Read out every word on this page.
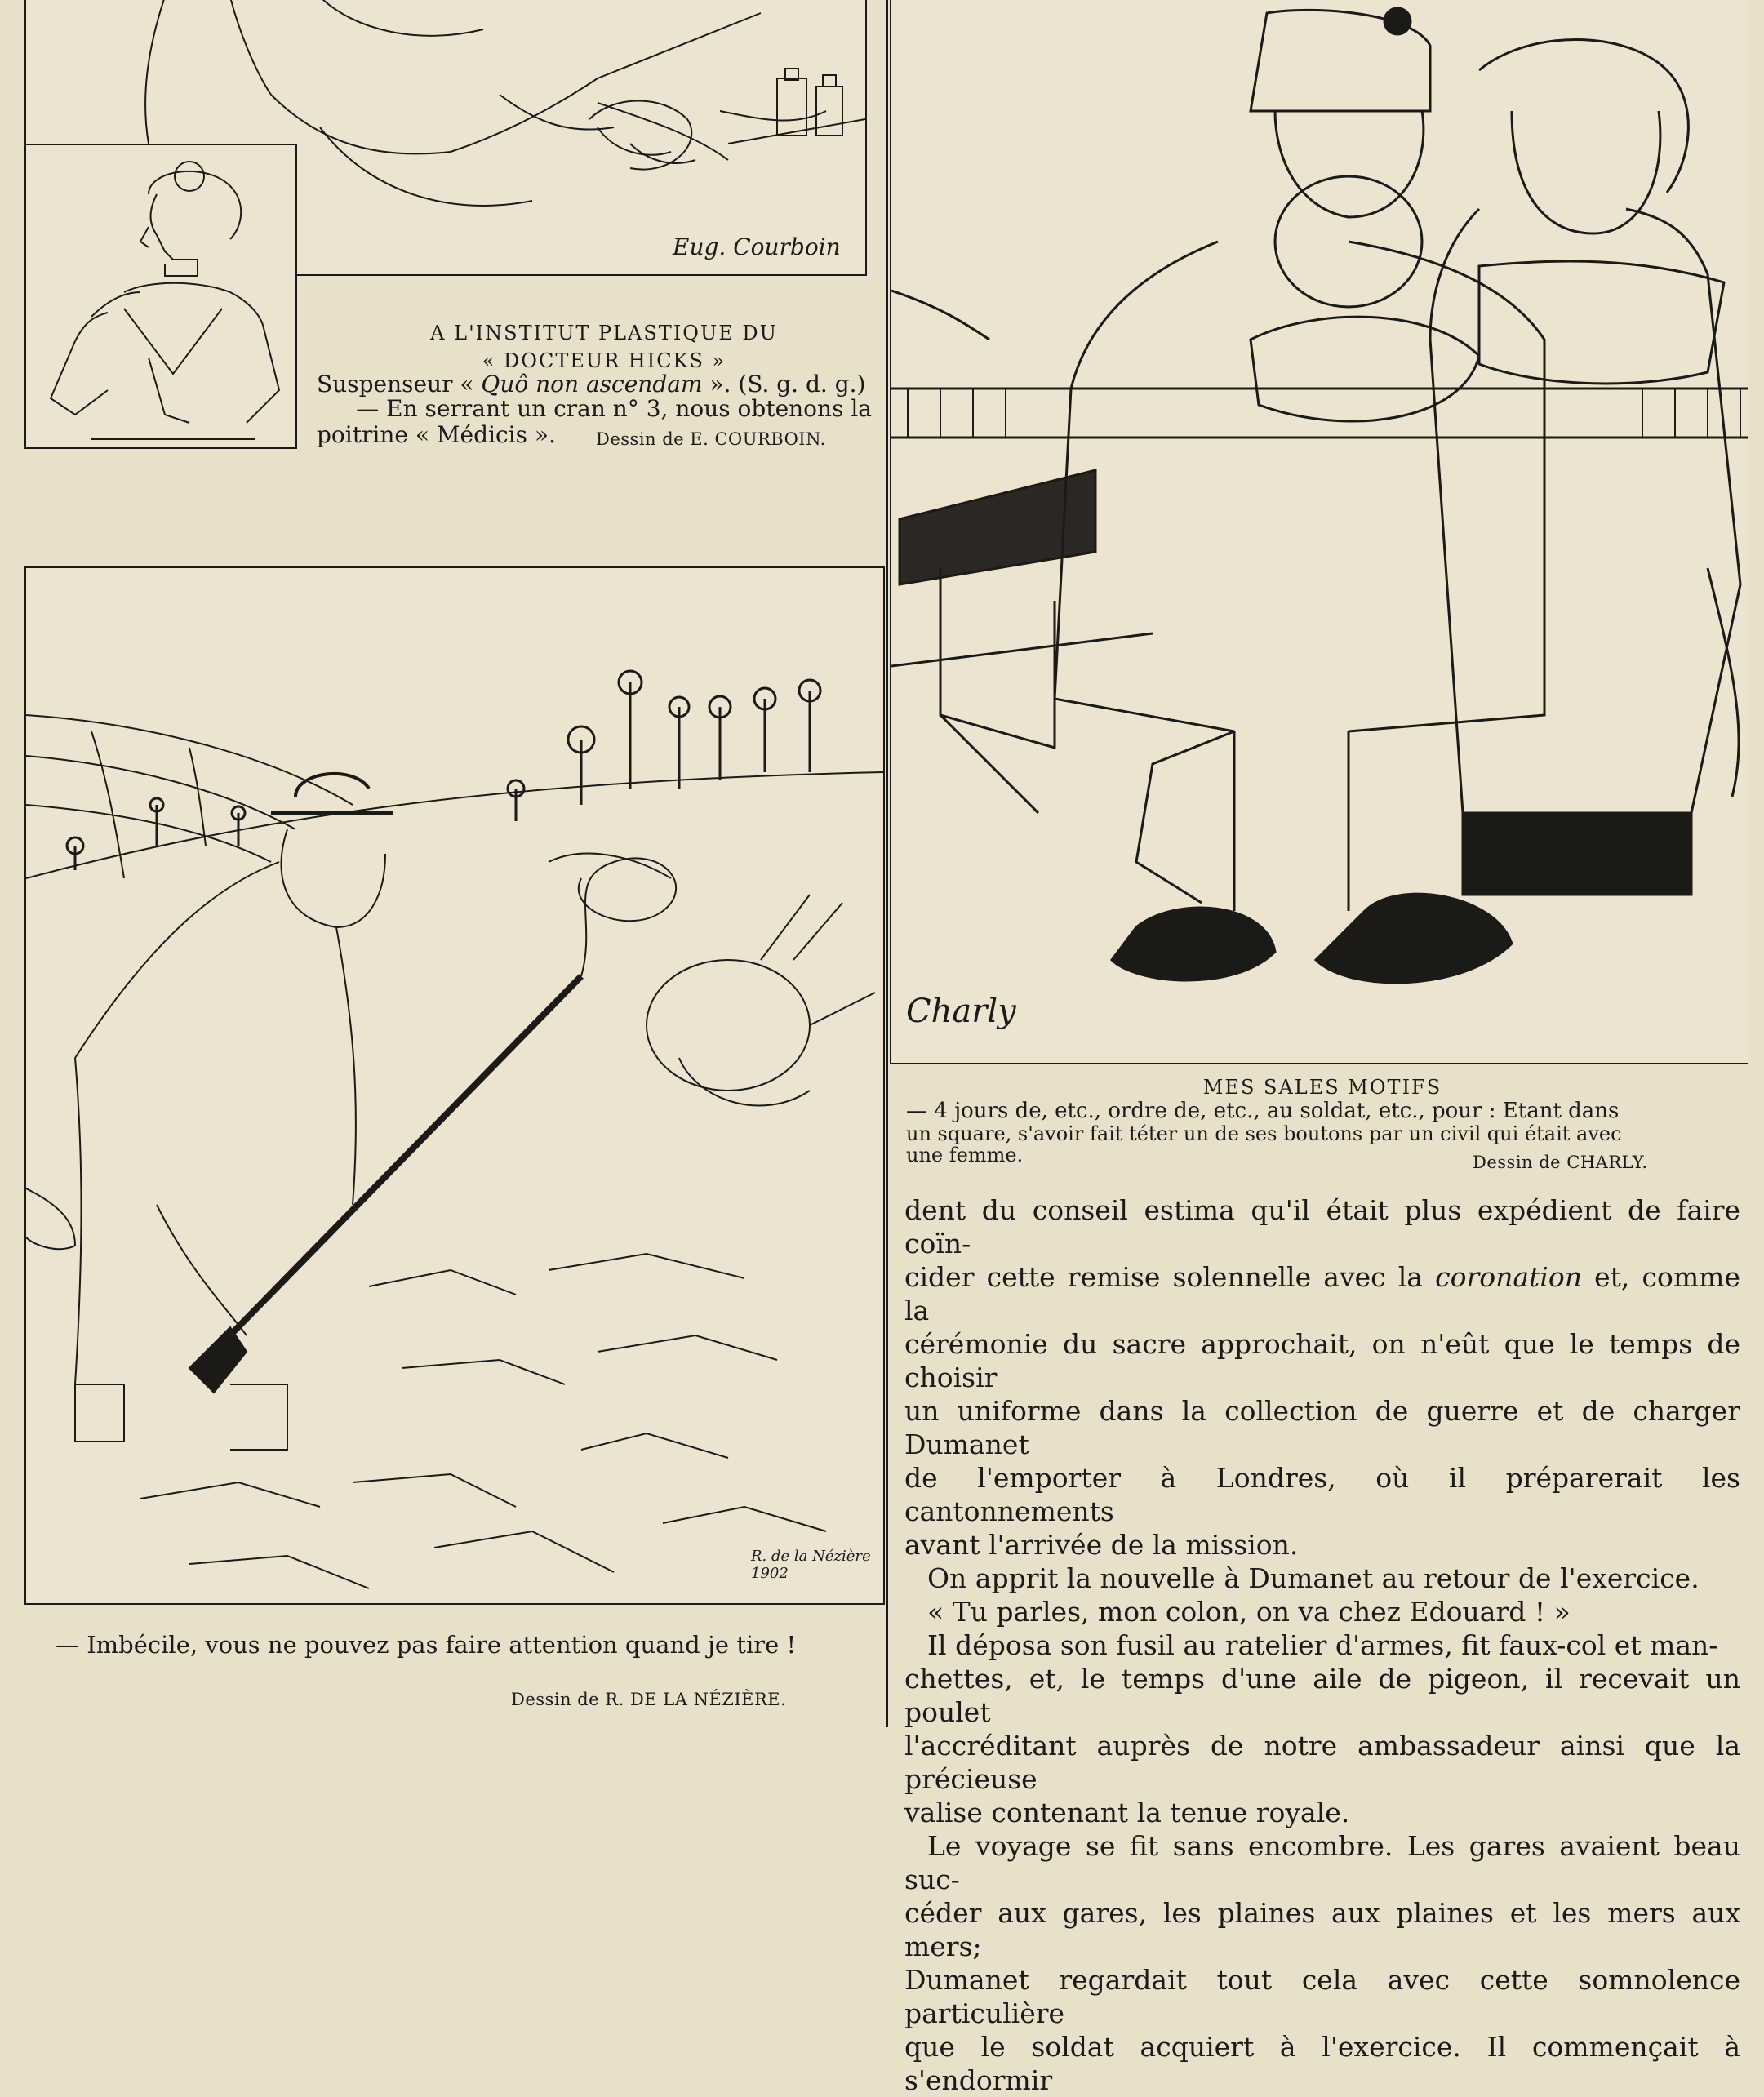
Eug. Courboin
A L'INSTITUT PLASTIQUE DU
« DOCTEUR HICKS »
Suspenseur « Quô non ascendam ». (S. g. d. g.)
— En serrant un cran n° 3, nous obtenons la
poitrine « Médicis ». Dessin de E. COURBOIN.
R. de la Nézière 1902
— Imbécile, vous ne pouvez pas faire attention quand je tire !
Dessin de R. DE LA NÉZIÈRE.
Charly
MES SALES MOTIFS
— 4 jours de, etc., ordre de, etc., au soldat, etc., pour : Etant dans
un square, s'avoir fait téter un de ses boutons par un civil qui était avec
une femme.	Dessin de CHARLY.

dent du conseil estima qu'il était plus expédient de faire coïn-

cider cette remise solennelle avec la coronation et, comme la

cérémonie du sacre approchait, on n'eût que le temps de choisir

un uniforme dans la collection de guerre et de charger Dumanet

de l'emporter à Londres, où il préparerait les cantonnements

avant l'arrivée de la mission.

On apprit la nouvelle à Dumanet au retour de l'exercice.

« Tu parles, mon colon, on va chez Edouard ! »

Il déposa son fusil au ratelier d'armes, fit faux-col et man-

chettes, et, le temps d'une aile de pigeon, il recevait un poulet

l'accréditant auprès de notre ambassadeur ainsi que la précieuse

valise contenant la tenue royale.

Le voyage se fit sans encombre. Les gares avaient beau suc-

céder aux gares, les plaines aux plaines et les mers aux mers;

Dumanet regardait tout cela avec cette somnolence particulière

que le soldat acquiert à l'exercice. Il commençait à s'endormir
